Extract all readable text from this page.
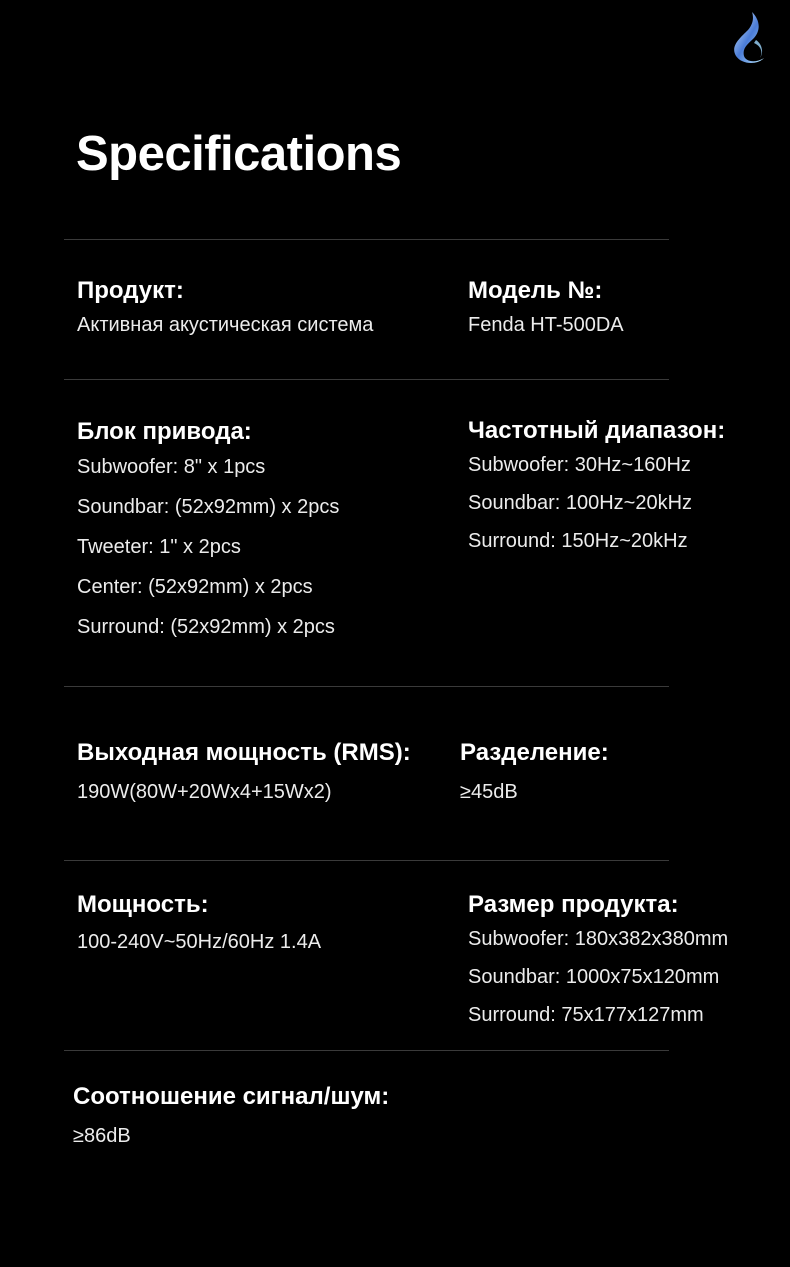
Specifications
Продукт:
Активная акустическая система
Модель №:
Fenda HT-500DA
Блок привода:
Subwoofer: 8" x 1pcs
Soundbar: (52x92mm) x 2pcs
Tweeter: 1" x 2pcs
Center: (52x92mm) x 2pcs
Surround: (52x92mm) x 2pcs
Частотный диапазон:
Subwoofer: 30Hz~160Hz
Soundbar: 100Hz~20kHz
Surround: 150Hz~20kHz
Выходная мощность (RMS):
190W(80W+20Wx4+15Wx2)
Разделение:
≥45dB
Мощность:
100-240V~50Hz/60Hz 1.4A
Размер продукта:
Subwoofer: 180x382x380mm
Soundbar: 1000x75x120mm
Surround: 75x177x127mm
Соотношение сигнал/шум:
≥86dB
